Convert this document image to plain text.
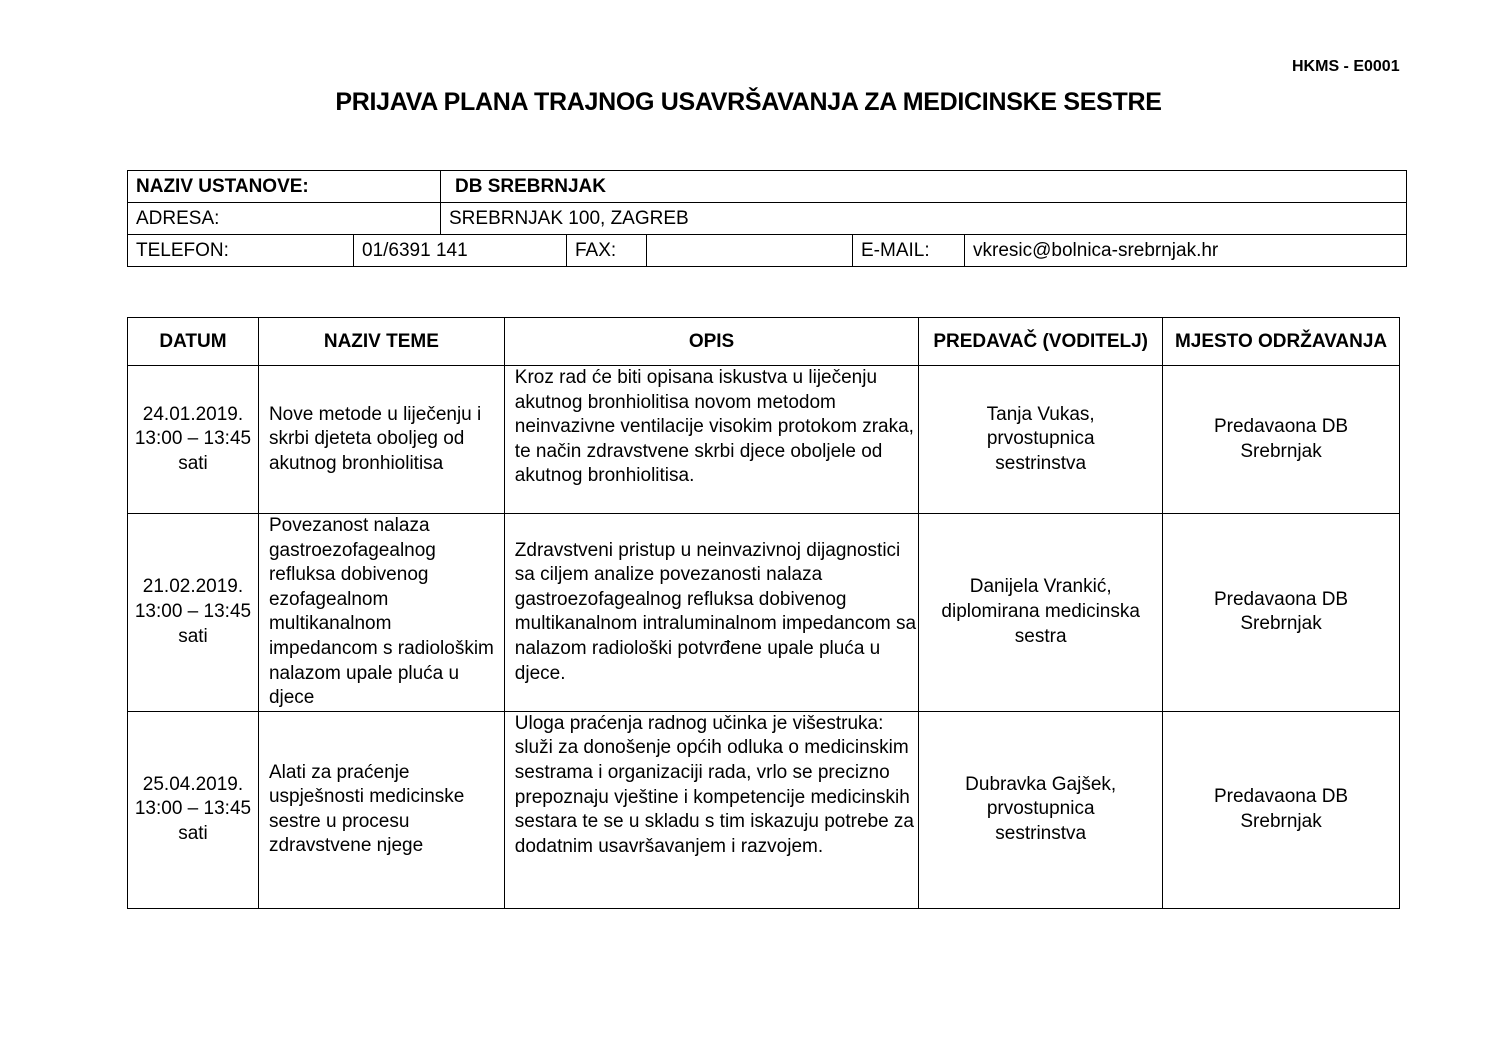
HKMS - E0001
PRIJAVA PLANA TRAJNOG USAVRŠAVANJA ZA MEDICINSKE SESTRE
NAZIV USTANOVE:		DB SREBRNJAK				
ADRESA:		SREBRNJAK 100, ZAGREB				
TELEFON:	01/6391 141		FAX:		E-MAIL:	vkresic@bolnica-srebrnjak.hr
DATUM	NAZIV TEME	OPIS	PREDAVAČ (VODITELJ)	MJESTO ODRŽAVANJA
24.01.2019. 13:00 – 13:45 sati	Nove metode u liječenju i skrbi djeteta oboljeg od akutnog bronhiolitisa	Kroz rad će biti opisana iskustva u liječenju akutnog bronhiolitisa novom metodom neinvazivne ventilacije visokim protokom zraka, te način zdravstvene skrbi djece oboljele od akutnog bronhiolitisa.	Tanja Vukas, prvostupnica sestrinstva	Predavaona DB Srebrnjak
21.02.2019. 13:00 – 13:45 sati	Povezanost nalaza gastroezofagealnog refluksa dobivenog ezofagealnom multikanalnom impedancom s radiološkim nalazom upale pluća u djece	Zdravstveni pristup u neinvazivnoj dijagnostici sa ciljem analize povezanosti nalaza gastroezofagealnog refluksa dobivenog multikanalnom intraluminalnom impedancom sa nalazom radiološki potvrđene upale pluća u djece.	Danijela Vrankić, diplomirana medicinska sestra	Predavaona DB Srebrnjak
25.04.2019. 13:00 – 13:45 sati	Alati za praćenje uspješnosti medicinske sestre u procesu zdravstvene njege	Uloga praćenja radnog učinka je višestruka: služi za donošenje općih odluka o medicinskim sestrama i organizaciji rada, vrlo se precizno prepoznaju vještine i kompetencije medicinskih sestara te se u skladu s tim iskazuju potrebe za dodatnim usavršavanjem i razvojem.	Dubravka Gajšek, prvostupnica sestrinstva	Predavaona DB Srebrnjak
